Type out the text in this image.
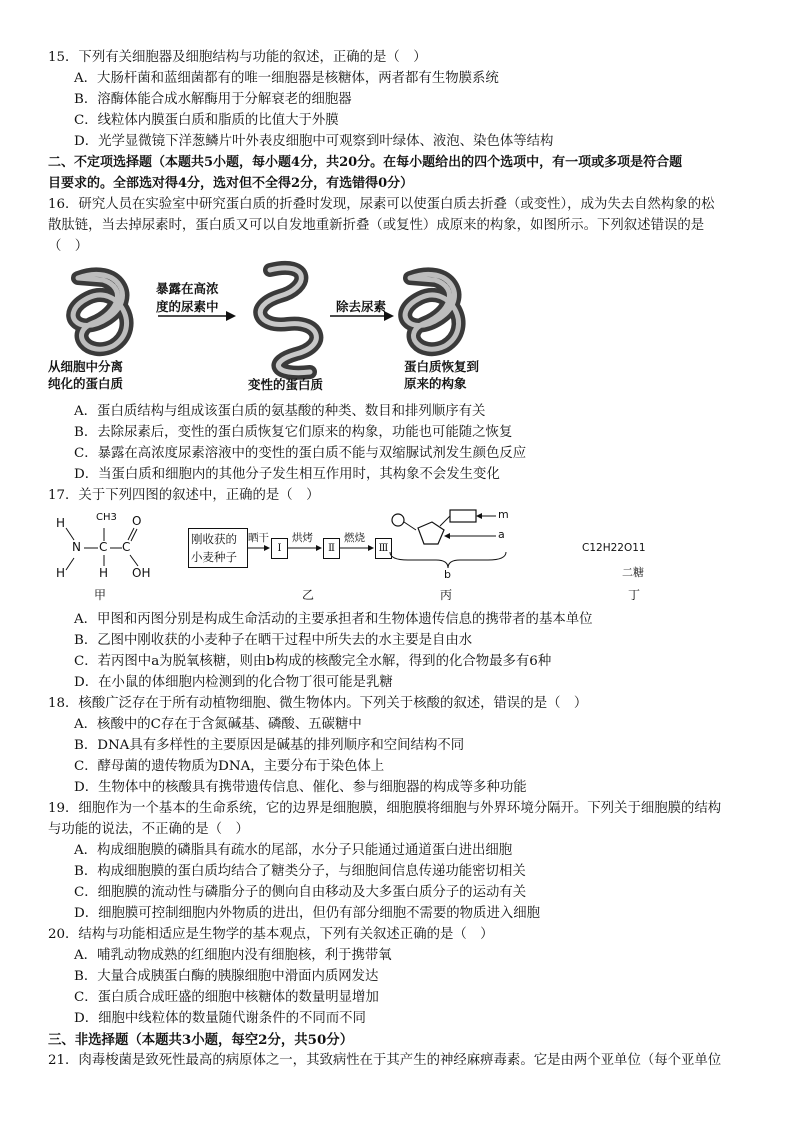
15．下列有关细胞器及细胞结构与功能的叙述，正确的是（　）
A．大肠杆菌和蓝细菌都有的唯一细胞器是核糖体，两者都有生物膜系统
B．溶酶体能合成水解酶用于分解衰老的细胞器
C．线粒体内膜蛋白质和脂质的比值大于外膜
D．光学显微镜下洋葱鳞片叶外表皮细胞中可观察到叶绿体、液泡、染色体等结构
二、不定项选择题（本题共5小题，每小题4分，共20分。在每小题给出的四个选项中，有一项或多项是符合题
目要求的。全部选对得4分，选对但不全得2分，有选错得0分）
16．研究人员在实验室中研究蛋白质的折叠时发现，尿素可以使蛋白质去折叠（或变性），成为失去自然构象的松
散肽链，当去掉尿素时，蛋白质又可以自发地重新折叠（或复性）成原来的构象，如图所示。下列叙述错误的是
（　）
暴露在高浓
度的尿素中	除去尿素
从细胞中分离
纯化的蛋白质	变性的蛋白质
蛋白质恢复到
原来的构象
A．蛋白质结构与组成该蛋白质的氨基酸的种类、数目和排列顺序有关
B．去除尿素后，变性的蛋白质恢复它们原来的构象，功能也可能随之恢复
C．暴露在高浓度尿素溶液中的变性的蛋白质不能与双缩脲试剂发生颜色反应
D．当蛋白质和细胞内的其他分子发生相互作用时，其构象不会发生变化
17．关于下列四图的叙述中，正确的是（　）
H
N
H
CH3
C
H
C
O
OH
甲
刚收获的
小麦种子
晒干
Ⅰ
烘烤
Ⅱ
燃烧
Ⅲ
乙
m
a
b
丙
C12H22O11
二糖
丁
A．甲图和丙图分别是构成生命活动的主要承担者和生物体遗传信息的携带者的基本单位
B．乙图中刚收获的小麦种子在晒干过程中所失去的水主要是自由水
C．若丙图中a为脱氧核糖，则由b构成的核酸完全水解，得到的化合物最多有6种
D．在小鼠的体细胞内检测到的化合物丁很可能是乳糖
18．核酸广泛存在于所有动植物细胞、微生物体内。下列关于核酸的叙述，错误的是（　）
A．核酸中的C存在于含氮碱基、磷酸、五碳糖中
B．DNA具有多样性的主要原因是碱基的排列顺序和空间结构不同
C．酵母菌的遗传物质为DNA，主要分布于染色体上
D．生物体中的核酸具有携带遗传信息、催化、参与细胞器的构成等多种功能
19．细胞作为一个基本的生命系统，它的边界是细胞膜，细胞膜将细胞与外界环境分隔开。下列关于细胞膜的结构
与功能的说法，不正确的是（　）
A．构成细胞膜的磷脂具有疏水的尾部，水分子只能通过通道蛋白进出细胞
B．构成细胞膜的蛋白质均结合了糖类分子，与细胞间信息传递功能密切相关
C．细胞膜的流动性与磷脂分子的侧向自由移动及大多蛋白质分子的运动有关
D．细胞膜可控制细胞内外物质的进出，但仍有部分细胞不需要的物质进入细胞
20．结构与功能相适应是生物学的基本观点，下列有关叙述正确的是（　）
A．哺乳动物成熟的红细胞内没有细胞核，利于携带氧
B．大量合成胰蛋白酶的胰腺细胞中滑面内质网发达
C．蛋白质合成旺盛的细胞中核糖体的数量明显增加
D．细胞中线粒体的数量随代谢条件的不同而不同
三、非选择题（本题共3小题，每空2分，共50分）
21．肉毒梭菌是致死性最高的病原体之一，其致病性在于其产生的神经麻痹毒素。它是由两个亚单位（每个亚单位
